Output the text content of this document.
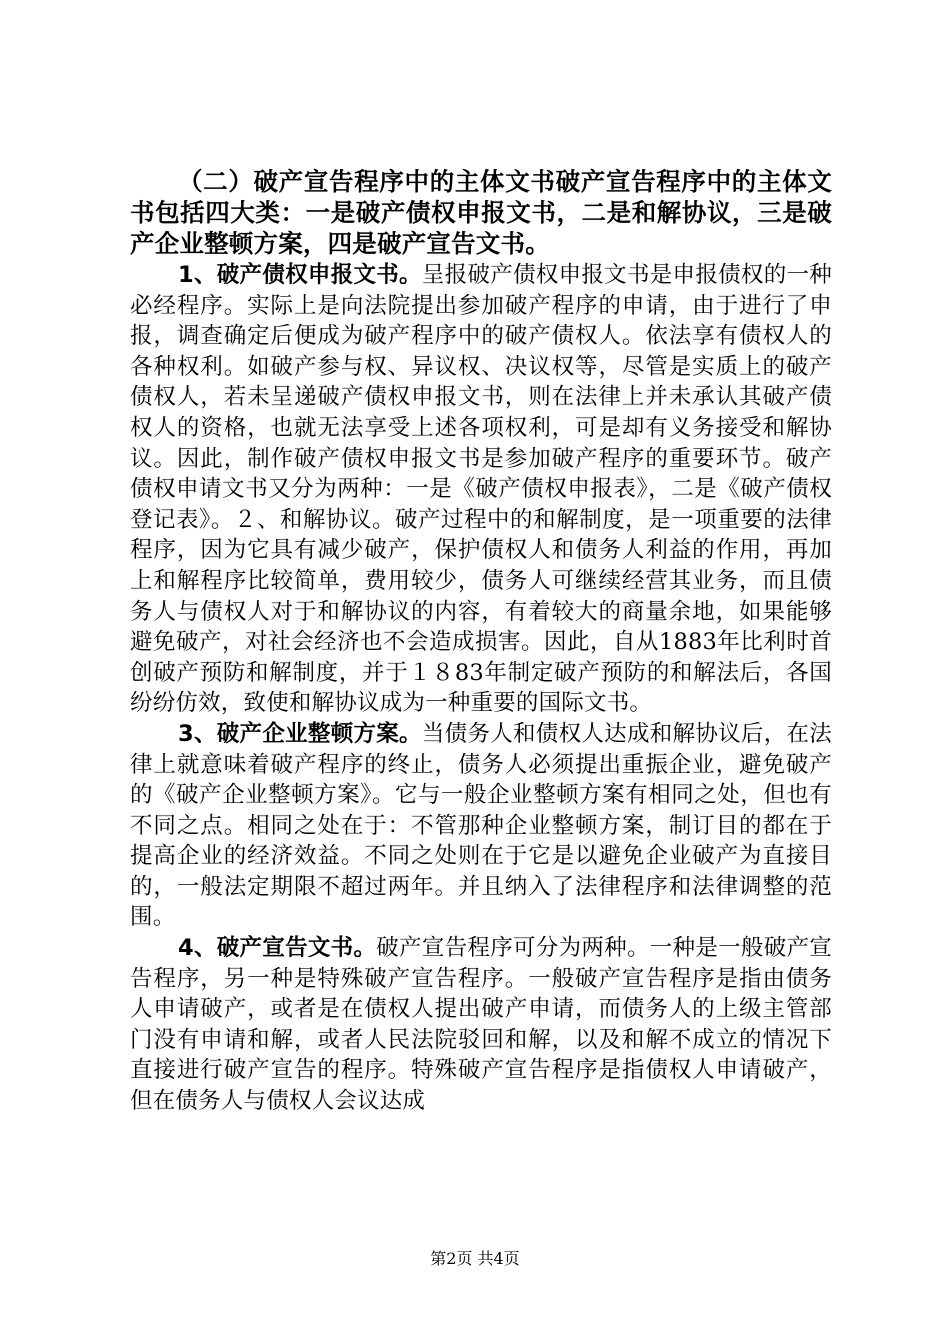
（二）破产宣告程序中的主体文书破产宣告程序中的主体文书包括四大类：一是破产债权申报文书，二是和解协议，三是破产企业整顿方案，四是破产宣告文书。

1、破产债权申报文书。呈报破产债权申报文书是申报债权的一种必经程序。实际上是向法院提出参加破产程序的申请，由于进行了申报，调查确定后便成为破产程序中的破产债权人。依法享有债权人的各种权利。如破产参与权、异议权、决议权等，尽管是实质上的破产债权人，若未呈递破产债权申报文书，则在法律上并未承认其破产债权人的资格，也就无法享受上述各项权利，可是却有义务接受和解协议。因此，制作破产债权申报文书是参加破产程序的重要环节。破产债权申请文书又分为两种：一是《破产债权申报表》，二是《破产债权登记表》。２、和解协议。破产过程中的和解制度，是一项重要的法律程序，因为它具有减少破产，保护债权人和债务人利益的作用，再加上和解程序比较简单，费用较少，债务人可继续经营其业务，而且债务人与债权人对于和解协议的内容，有着较大的商量余地，如果能够避免破产，对社会经济也不会造成损害。因此，自从1883年比利时首创破产预防和解制度，并于１８83年制定破产预防的和解法后，各国纷纷仿效，致使和解协议成为一种重要的国际文书。

3、破产企业整顿方案。当债务人和债权人达成和解协议后，在法律上就意味着破产程序的终止，债务人必须提出重振企业，避免破产的《破产企业整顿方案》。它与一般企业整顿方案有相同之处，但也有不同之点。相同之处在于：不管那种企业整顿方案，制订目的都在于提高企业的经济效益。不同之处则在于它是以避免企业破产为直接目的，一般法定期限不超过两年。并且纳入了法律程序和法律调整的范围。

4、破产宣告文书。破产宣告程序可分为两种。一种是一般破产宣告程序，另一种是特殊破产宣告程序。一般破产宣告程序是指由债务人申请破产，或者是在债权人提出破产申请，而债务人的上级主管部门没有申请和解，或者人民法院驳回和解，以及和解不成立的情况下直接进行破产宣告的程序。特殊破产宣告程序是指债权人申请破产，但在债务人与债权人会议达成

第2页 共4页
